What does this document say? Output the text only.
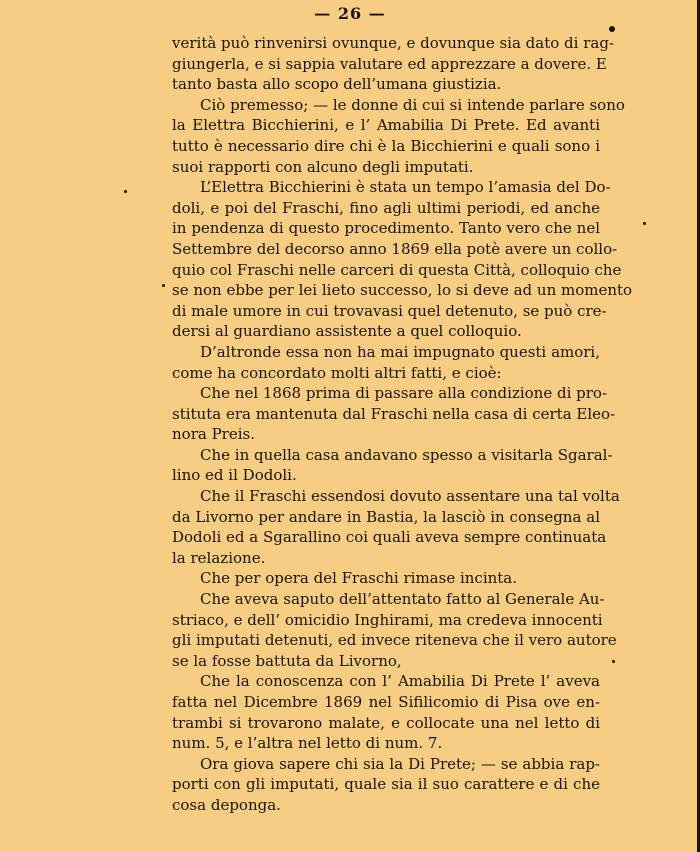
— 26 —
verità può rinvenirsi ovunque, e dovunque sia dato di rag-
giungerla, e si sappia valutare ed apprezzare a dovere. E
tanto basta allo scopo dell’umana giustizia.
Ciò premesso; — le donne di cui si intende parlare sono
la Elettra Bicchierini, e l’ Amabilia Di Prete. Ed avanti
tutto è necessario dire chi è la Bicchierini e quali sono i
suoi rapporti con alcuno degli imputati.
L’Elettra Bicchierini è stata un tempo l’amasia del Do-
doli, e poi del Fraschi, fino agli ultimi periodi, ed anche
in pendenza di questo procedimento. Tanto vero che nel
Settembre del decorso anno 1869 ella potè avere un collo-
quio col Fraschi nelle carceri di questa Città, colloquio che
se non ebbe per lei lieto successo, lo si deve ad un momento
di male umore in cui trovavasi quel detenuto, se può cre-
dersi al guardiano assistente a quel colloquio.
D’altronde essa non ha mai impugnato questi amori,
come ha concordato molti altri fatti, e cioè:
Che nel 1868 prima di passare alla condizione di pro-
stituta era mantenuta dal Fraschi nella casa di certa Eleo-
nora Preis.
Che in quella casa andavano spesso a visitarla Sgaral-
lino ed il Dodoli.
Che il Fraschi essendosi dovuto assentare una tal volta
da Livorno per andare in Bastia, la lasciò in consegna al
Dodoli ed a Sgarallino coi quali aveva sempre continuata
la relazione.
Che per opera del Fraschi rimase incinta.
Che aveva saputo dell’attentato fatto al Generale Au-
striaco, e dell’ omicidio Inghirami, ma credeva innocenti
gli imputati detenuti, ed invece riteneva che il vero autore
se la fosse battuta da Livorno,
Che la conoscenza con l’ Amabilia Di Prete l’ aveva
fatta nel Dicembre 1869 nel Sifilicomio di Pisa ove en-
trambi si trovarono malate, e collocate una nel letto di
num. 5, e l’altra nel letto di num. 7.
Ora giova sapere chi sia la Di Prete; — se abbia rap-
porti con gli imputati, quale sia il suo carattere e di che
cosa deponga.
